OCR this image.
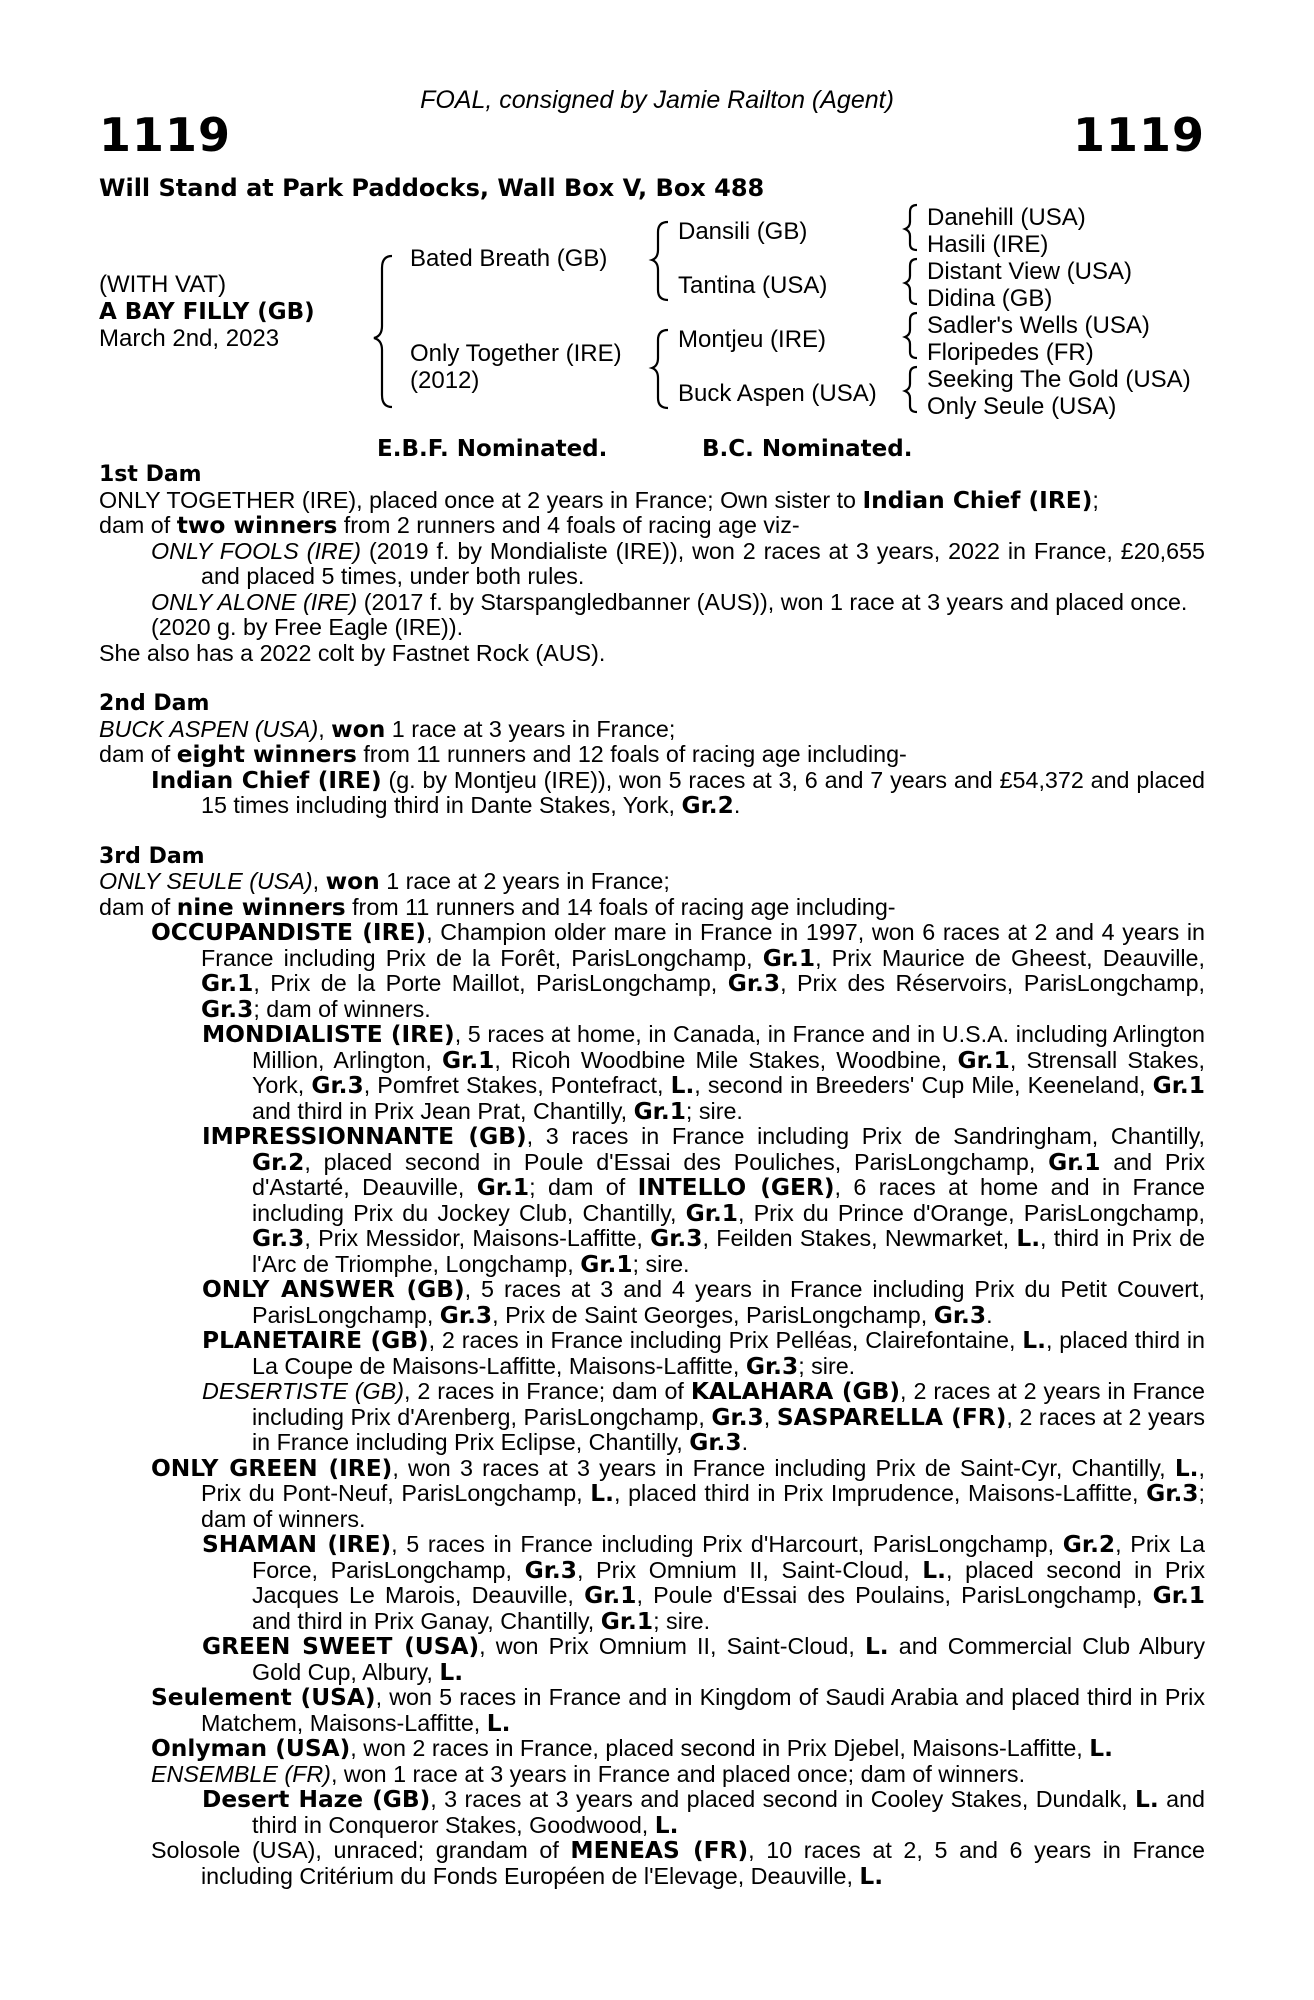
FOAL, consigned by Jamie Railton (Agent)
1119	1119
Will Stand at Park Paddocks, Wall Box V, Box 488
(WITH VAT)
A BAY FILLY (GB)
March 2nd, 2023
Bated Breath (GB)
Only Together (IRE)
(2012)
Dansili (GB)
Tantina (USA)
Montjeu (IRE)
Buck Aspen (USA)
Danehill (USA)
Hasili (IRE)
Distant View (USA)
Didina (GB)
Sadler's Wells (USA)
Floripedes (FR)
Seeking The Gold (USA)
Only Seule (USA)
E.B.F. Nominated.	B.C. Nominated.

1st Dam

ONLY TOGETHER (IRE), placed once at 2 years in France; Own sister to Indian Chief (IRE);

dam of two winners from 2 runners and 4 foals of racing age viz-

ONLY FOOLS (IRE) (2019 f. by Mondialiste (IRE)), won 2 races at 3 years, 2022 in France, £20,655 and placed 5 times, under both rules.

ONLY ALONE (IRE) (2017 f. by Starspangledbanner (AUS)), won 1 race at 3 years and placed once.

(2020 g. by Free Eagle (IRE)).

She also has a 2022 colt by Fastnet Rock (AUS).

2nd Dam

BUCK ASPEN (USA), won 1 race at 3 years in France;

dam of eight winners from 11 runners and 12 foals of racing age including-

Indian Chief (IRE) (g. by Montjeu (IRE)), won 5 races at 3, 6 and 7 years and £54,372 and placed 15 times including third in Dante Stakes, York, Gr.2.

3rd Dam

ONLY SEULE (USA), won 1 race at 2 years in France;

dam of nine winners from 11 runners and 14 foals of racing age including-

OCCUPANDISTE (IRE), Champion older mare in France in 1997, won 6 races at 2 and 4 years in France including Prix de la Forêt, ParisLongchamp, Gr.1, Prix Maurice de Gheest, Deauville, Gr.1, Prix de la Porte Maillot, ParisLongchamp, Gr.3, Prix des Réservoirs, ParisLongchamp, Gr.3; dam of winners.

MONDIALISTE (IRE), 5 races at home, in Canada, in France and in U.S.A. including Arlington Million, Arlington, Gr.1, Ricoh Woodbine Mile Stakes, Woodbine, Gr.1, Strensall Stakes, York, Gr.3, Pomfret Stakes, Pontefract, L., second in Breeders' Cup Mile, Keeneland, Gr.1 and third in Prix Jean Prat, Chantilly, Gr.1; sire.

IMPRESSIONNANTE (GB), 3 races in France including Prix de Sandringham, Chantilly, Gr.2, placed second in Poule d'Essai des Pouliches, ParisLongchamp, Gr.1 and Prix d'Astarté, Deauville, Gr.1; dam of INTELLO (GER), 6 races at home and in France including Prix du Jockey Club, Chantilly, Gr.1, Prix du Prince d'Orange, ParisLongchamp, Gr.3, Prix Messidor, Maisons-Laffitte, Gr.3, Feilden Stakes, Newmarket, L., third in Prix de l'Arc de Triomphe, Longchamp, Gr.1; sire.

ONLY ANSWER (GB), 5 races at 3 and 4 years in France including Prix du Petit Couvert, ParisLongchamp, Gr.3, Prix de Saint Georges, ParisLongchamp, Gr.3.

PLANETAIRE (GB), 2 races in France including Prix Pelléas, Clairefontaine, L., placed third in La Coupe de Maisons-Laffitte, Maisons-Laffitte, Gr.3; sire.

DESERTISTE (GB), 2 races in France; dam of KALAHARA (GB), 2 races at 2 years in France including Prix d'Arenberg, ParisLongchamp, Gr.3, SASPARELLA (FR), 2 races at 2 years in France including Prix Eclipse, Chantilly, Gr.3.

ONLY GREEN (IRE), won 3 races at 3 years in France including Prix de Saint-Cyr, Chantilly, L., Prix du Pont-Neuf, ParisLongchamp, L., placed third in Prix Imprudence, Maisons-Laffitte, Gr.3; dam of winners.

SHAMAN (IRE), 5 races in France including Prix d'Harcourt, ParisLongchamp, Gr.2, Prix La Force, ParisLongchamp, Gr.3, Prix Omnium II, Saint-Cloud, L., placed second in Prix Jacques Le Marois, Deauville, Gr.1, Poule d'Essai des Poulains, ParisLongchamp, Gr.1 and third in Prix Ganay, Chantilly, Gr.1; sire.

GREEN SWEET (USA), won Prix Omnium II, Saint-Cloud, L. and Commercial Club Albury Gold Cup, Albury, L.

Seulement (USA), won 5 races in France and in Kingdom of Saudi Arabia and placed third in Prix Matchem, Maisons-Laffitte, L.

Onlyman (USA), won 2 races in France, placed second in Prix Djebel, Maisons-Laffitte, L.

ENSEMBLE (FR), won 1 race at 3 years in France and placed once; dam of winners.

Desert Haze (GB), 3 races at 3 years and placed second in Cooley Stakes, Dundalk, L. and third in Conqueror Stakes, Goodwood, L.

Solosole (USA), unraced; grandam of MENEAS (FR), 10 races at 2, 5 and 6 years in France including Critérium du Fonds Européen de l'Elevage, Deauville, L.
